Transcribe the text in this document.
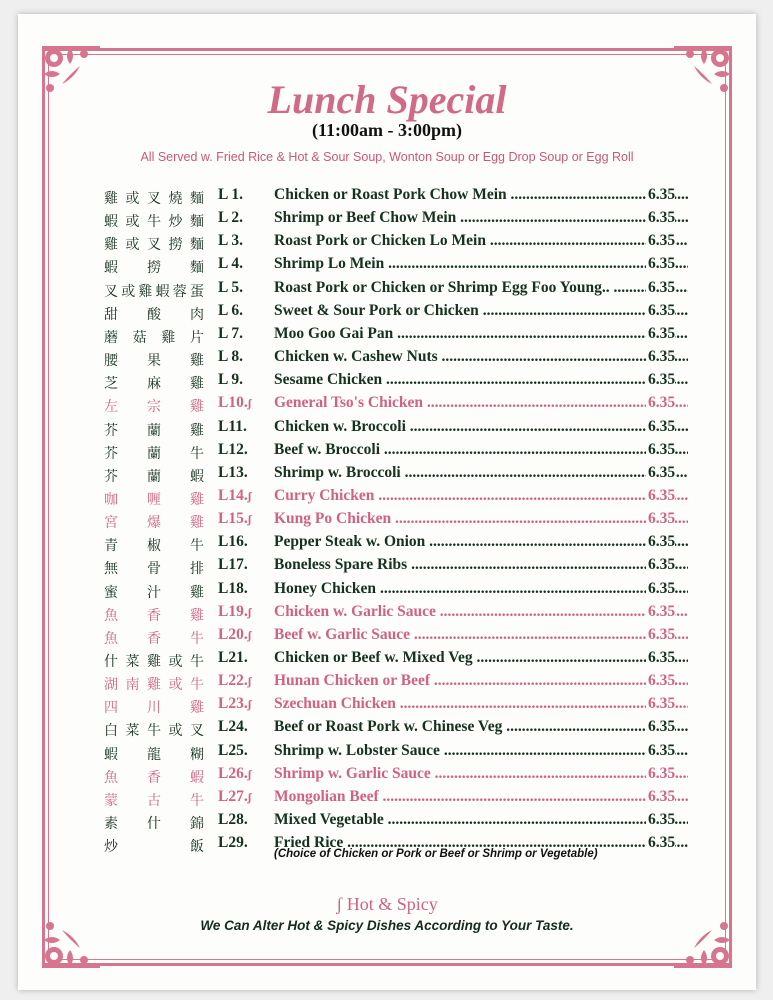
Lunch Special
(11:00am - 3:00pm)
All Served w. Fried Rice & Hot & Sour Soup, Wonton Soup or Egg Drop Soup or Egg Roll
雞 或 叉 燒 麵 L 1. Chicken or Roast Pork Chow Mein .....	6.35
蝦 或 牛 炒 麵 L 2. Shrimp or Beef Chow Mein .....	6.35
雞 或 叉 撈 麵 L 3. Roast Pork or Chicken Lo Mein .....	6.35
蝦 撈 麵 L 4. Shrimp Lo Mein .....	6.35
叉 或 雞 蝦 蓉 蛋 L 5. Roast Pork or Chicken or Shrimp Egg Foo Young.. .....	6.35
甜 酸 肉 L 6. Sweet & Sour Pork or Chicken .....	6.35
蘑 菇 雞 片 L 7. Moo Goo Gai Pan .....	6.35
腰 果 雞 L 8. Chicken w. Cashew Nuts .....	6.35
芝 麻 雞 L 9. Sesame Chicken .....	6.35
左 宗 雞 L10.ʃ General Tso's Chicken .....	6.35
芥 蘭 雞 L11. Chicken w. Broccoli .....	6.35
芥 蘭 牛 L12. Beef w. Broccoli .....	6.35
芥 蘭 蝦 L13. Shrimp w. Broccoli .....	6.35
咖 喱 雞 L14.ʃ Curry Chicken .....	6.35
宮 爆 雞 L15.ʃ Kung Po Chicken .....	6.35
青 椒 牛 L16. Pepper Steak w. Onion .....	6.35
無 骨 排 L17. Boneless Spare Ribs .....	6.35
蜜 汁 雞 L18. Honey Chicken .....	6.35
魚 香 雞 L19.ʃ Chicken w. Garlic Sauce .....	6.35
魚 香 牛 L20.ʃ Beef w. Garlic Sauce .....	6.35
什 菜 雞 或 牛 L21. Chicken or Beef w. Mixed Veg .....	6.35
湖 南 雞 或 牛 L22.ʃ Hunan Chicken or Beef .....	6.35
四 川 雞 L23.ʃ Szechuan Chicken .....	6.35
白 菜 牛 或 叉 L24. Beef or Roast Pork w. Chinese Veg .....	6.35
蝦 龍 糊 L25. Shrimp w. Lobster Sauce .....	6.35
魚 香 蝦 L26.ʃ Shrimp w. Garlic Sauce .....	6.35
蒙 古 牛 L27.ʃ Mongolian Beef .....	6.35
素 什 錦 L28. Mixed Vegetable .....	6.35
炒	飯 L29. Fried Rice .....	6.35
(Choice of Chicken or Pork or Beef or Shrimp or Vegetable)
ʃ Hot & Spicy
We Can Alter Hot & Spicy Dishes According to Your Taste.
